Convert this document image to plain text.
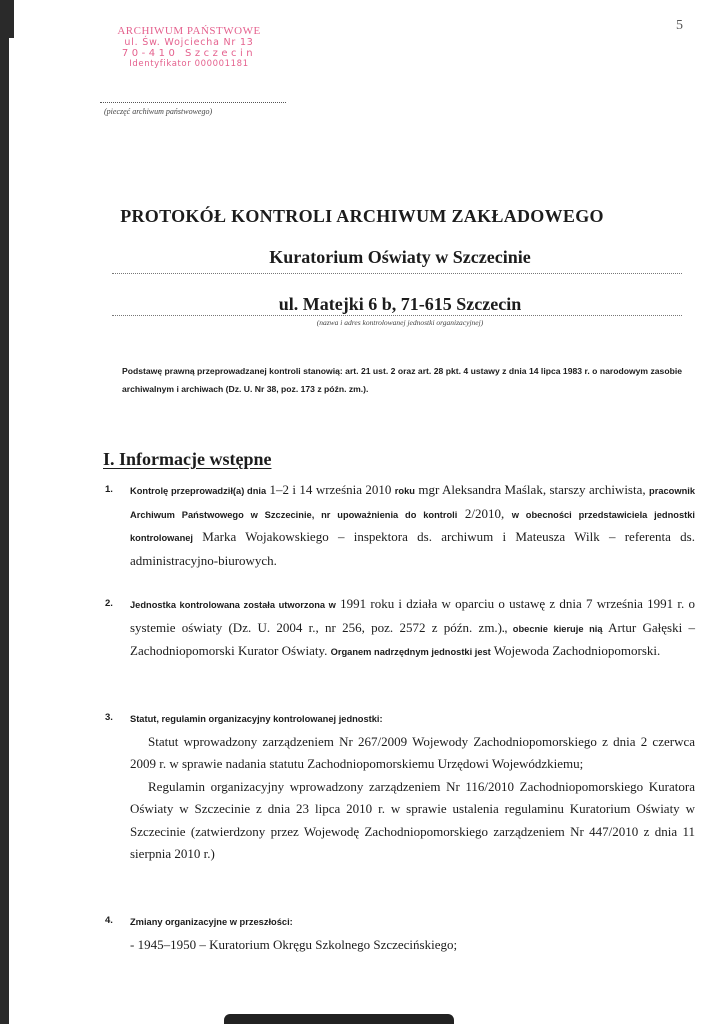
5
ARCHIWUM PAŃSTWOWE
ul. Św. Wojciecha Nr 13
70-410 Szczecin
Identyfikator 000001181
(pieczęć archiwum państwowego)
PROTOKÓŁ KONTROLI ARCHIWUM ZAKŁADOWEGO
Kuratorium Oświaty w Szczecinie
ul. Matejki 6 b, 71-615 Szczecin
(nazwa i adres kontrolowanej jednostki organizacyjnej)
Podstawę prawną przeprowadzanej kontroli stanowią: art. 21 ust. 2 oraz art. 28 pkt. 4 ustawy z dnia 14 lipca 1983 r. o narodowym zasobie archiwalnym i archiwach (Dz. U. Nr 38, poz. 173 z późn. zm.).
I. Informacje wstępne
1. Kontrolę przeprowadził(a) dnia 1–2 i 14 września 2010 roku mgr Aleksandra Maślak, starszy archiwista, pracownik Archiwum Państwowego w Szczecinie, nr upoważnienia do kontroli 2/2010, w obecności przedstawiciela jednostki kontrolowanej Marka Wojakowskiego – inspektora ds. archiwum i Mateusza Wilk – referenta ds. administracyjno-biurowych.
2. Jednostka kontrolowana została utworzona w 1991 roku i działa w oparciu o ustawę z dnia 7 września 1991 r. o systemie oświaty (Dz. U. 2004 r., nr 256, poz. 2572 z późn. zm.)., obecnie kieruje nią Artur Gałęski – Zachodniopomorski Kurator Oświaty. Organem nadrzędnym jednostki jest Wojewoda Zachodniopomorski.
3. Statut, regulamin organizacyjny kontrolowanej jednostki:

Statut wprowadzony zarządzeniem Nr 267/2009 Wojewody Zachodniopomorskiego z dnia 2 czerwca 2009 r. w sprawie nadania statutu Zachodniopomorskiemu Urzędowi Wojewódzkiemu;

Regulamin organizacyjny wprowadzony zarządzeniem Nr 116/2010 Zachodniopomorskiego Kuratora Oświaty w Szczecinie z dnia 23 lipca 2010 r. w sprawie ustalenia regulaminu Kuratorium Oświaty w Szczecinie (zatwierdzony przez Wojewodę Zachodniopomorskiego zarządzeniem Nr 447/2010 z dnia 11 sierpnia 2010 r.)

4. Zmiany organizacyjne w przeszłości:

- 1945–1950 – Kuratorium Okręgu Szkolnego Szczecińskiego;
